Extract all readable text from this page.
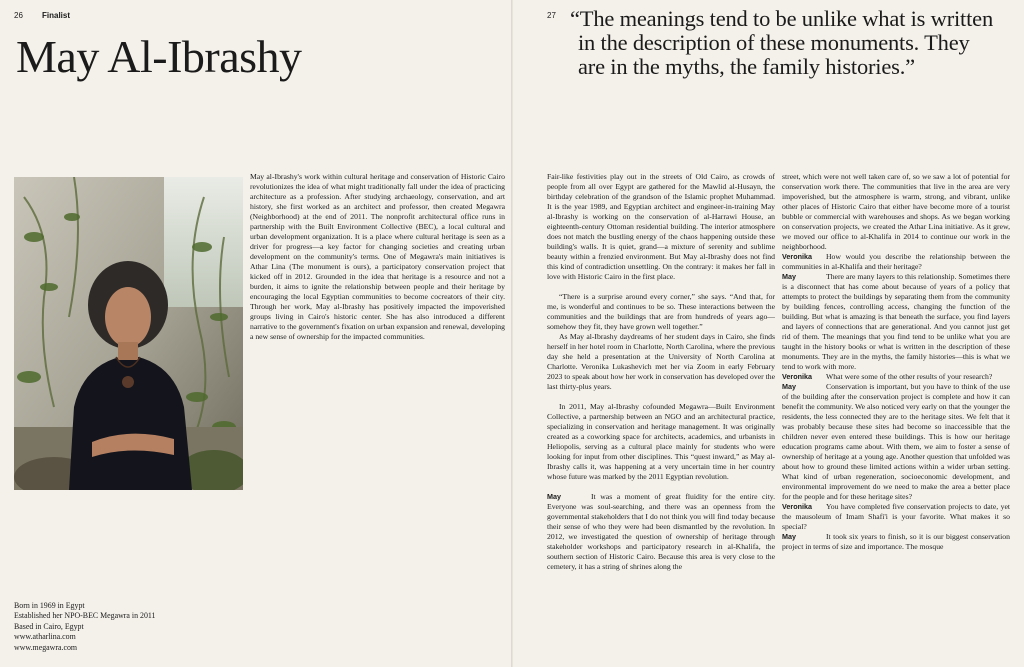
26 Finalist
May Al-Ibrashy

May al-Ibrashy's work within cultural heritage and conservation of Historic Cairo revolutionizes the idea of what might traditionally fall under the idea of practicing architecture as a profession. After studying archaeology, conservation, and art history, she first worked as an architect and professor, then created Megawra (Neighborhood) at the end of 2011. The nonprofit architectural office runs in partnership with the Built Environment Collective (BEC), a local cultural and urban development organization. It is a place where cultural heritage is seen as a driver for progress—a key factor for changing societies and creating urban development on the community's terms. One of Megawra's main initiatives is Athar Lina (The monument is ours), a participatory conservation project that kicked off in 2012. Grounded in the idea that heritage is a resource and not a burden, it aims to ignite the relationship between people and their heritage by encouraging the local Egyptian communities to become cocreators of their city. Through her work, May al-Ibrashy has positively impacted the impoverished groups living in Cairo's historic center. She has also introduced a different narrative to the government's fixation on urban expansion and renewal, developing a new sense of ownership for the impacted communities.

Born in 1969 in Egypt
Established her NPO-BEC Megawra in 2011
Based in Cairo, Egypt
www.atharlina.com
www.megawra.com
27 “The meanings tend to be unlike what is written in the description of these monuments. They are in the myths, the family histories.”

Fair-like festivities play out in the streets of Old Cairo, as crowds of people from all over Egypt are gathered for the Mawlid al-Husayn, the birthday celebration of the grandson of the Islamic prophet Muhammad. It is the year 1989, and Egyptian architect and engineer-in-training May al-Ibrashy is working on the conservation of al-Harrawi House, an eighteenth-century Ottoman residential building. The interior atmosphere does not match the bustling energy of the chaos happening outside these building's walls. It is quiet, grand—a mixture of serenity and sublime beauty within a frenzied environment. But May al-Ibrashy does not find this kind of contradiction unsettling. On the contrary: it makes her fall in love with Historic Cairo in the first place.

“There is a surprise around every corner,” she says. “And that, for me, is wonderful and continues to be so. These interactions between the communities and the buildings that are from hundreds of years ago—somehow they fit, they have grown well together.”

As May al-Ibrashy daydreams of her student days in Cairo, she finds herself in her hotel room in Charlotte, North Carolina, where the previous day she held a presentation at the University of North Carolina at Charlotte. Veronika Lukashevich met her via Zoom in early February 2023 to speak about how her work in conservation has developed over the last thirty-plus years.

In 2011, May al-Ibrashy cofounded Megawra—Built Environment Collective, a partnership between an NGO and an architectural practice, specializing in conservation and heritage management. It was originally created as a coworking space for architects, academics, and urbanists in Heliopolis, serving as a cultural place mainly for students who were looking for input from other disciplines. This “quest inward,” as May al-Ibrashy calls it, was happening at a very uncertain time in her country whose future was marked by the 2011 Egyptian revolution.

May	It was a moment of great fluidity for the entire city. Everyone was soul-searching, and there was an openness from the governmental stakeholders that I do not think you will find today because their sense of who they were had been dismantled by the revolution. In 2012, we investigated the question of ownership of heritage through stakeholder workshops and participatory research in al-Khalifa, the southern section of Historic Cairo. Because this area is very close to the cemetery, it has a string of shrines along the

street, which were not well taken care of, so we saw a lot of potential for conservation work there. The communities that live in the area are very impoverished, but the atmosphere is warm, strong, and vibrant, unlike other places of Historic Cairo that either have become more of a tourist bubble or commercial with warehouses and shops. As we began working on conservation projects, we created the Athar Lina initiative. As it grew, we moved our office to al-Khalifa in 2014 to continue our work in the neighborhood.

Veronika How would you describe the relationship between the communities in al-Khalifa and their heritage?

May	There are many layers to this relationship. Sometimes there is a disconnect that has come about because of years of a policy that attempts to protect the buildings by separating them from the community by building fences, controlling access, changing the function of the building. But what is amazing is that beneath the surface, you find layers and layers of connections that are generational. And you cannot just get rid of them. The meanings that you find tend to be unlike what you are taught in the history books or what is written in the description of these monuments. They are in the myths, the family histories—this is what we tend to work with more.

Veronika What were some of the other results of your research?

May	Conservation is important, but you have to think of the use of the building after the conservation project is complete and how it can benefit the community. We also noticed very early on that the younger the residents, the less connected they are to the heritage sites. We felt that it was probably because these sites had become so inaccessible that the children never even entered these buildings. This is how our heritage education programs came about. With them, we aim to foster a sense of ownership of heritage at a young age. Another question that unfolded was about how to ground these limited actions within a wider urban setting. What kind of urban regeneration, socioeconomic development, and environmental improvement do we need to make the area a better place for the people and for these heritage sites?

Veronika You have completed five conservation projects to date, yet the mausoleum of Imam Shafi'i is your favorite. What makes it so special?

May	It took six years to finish, so it is our biggest conservation project in terms of size and importance. The mosque
